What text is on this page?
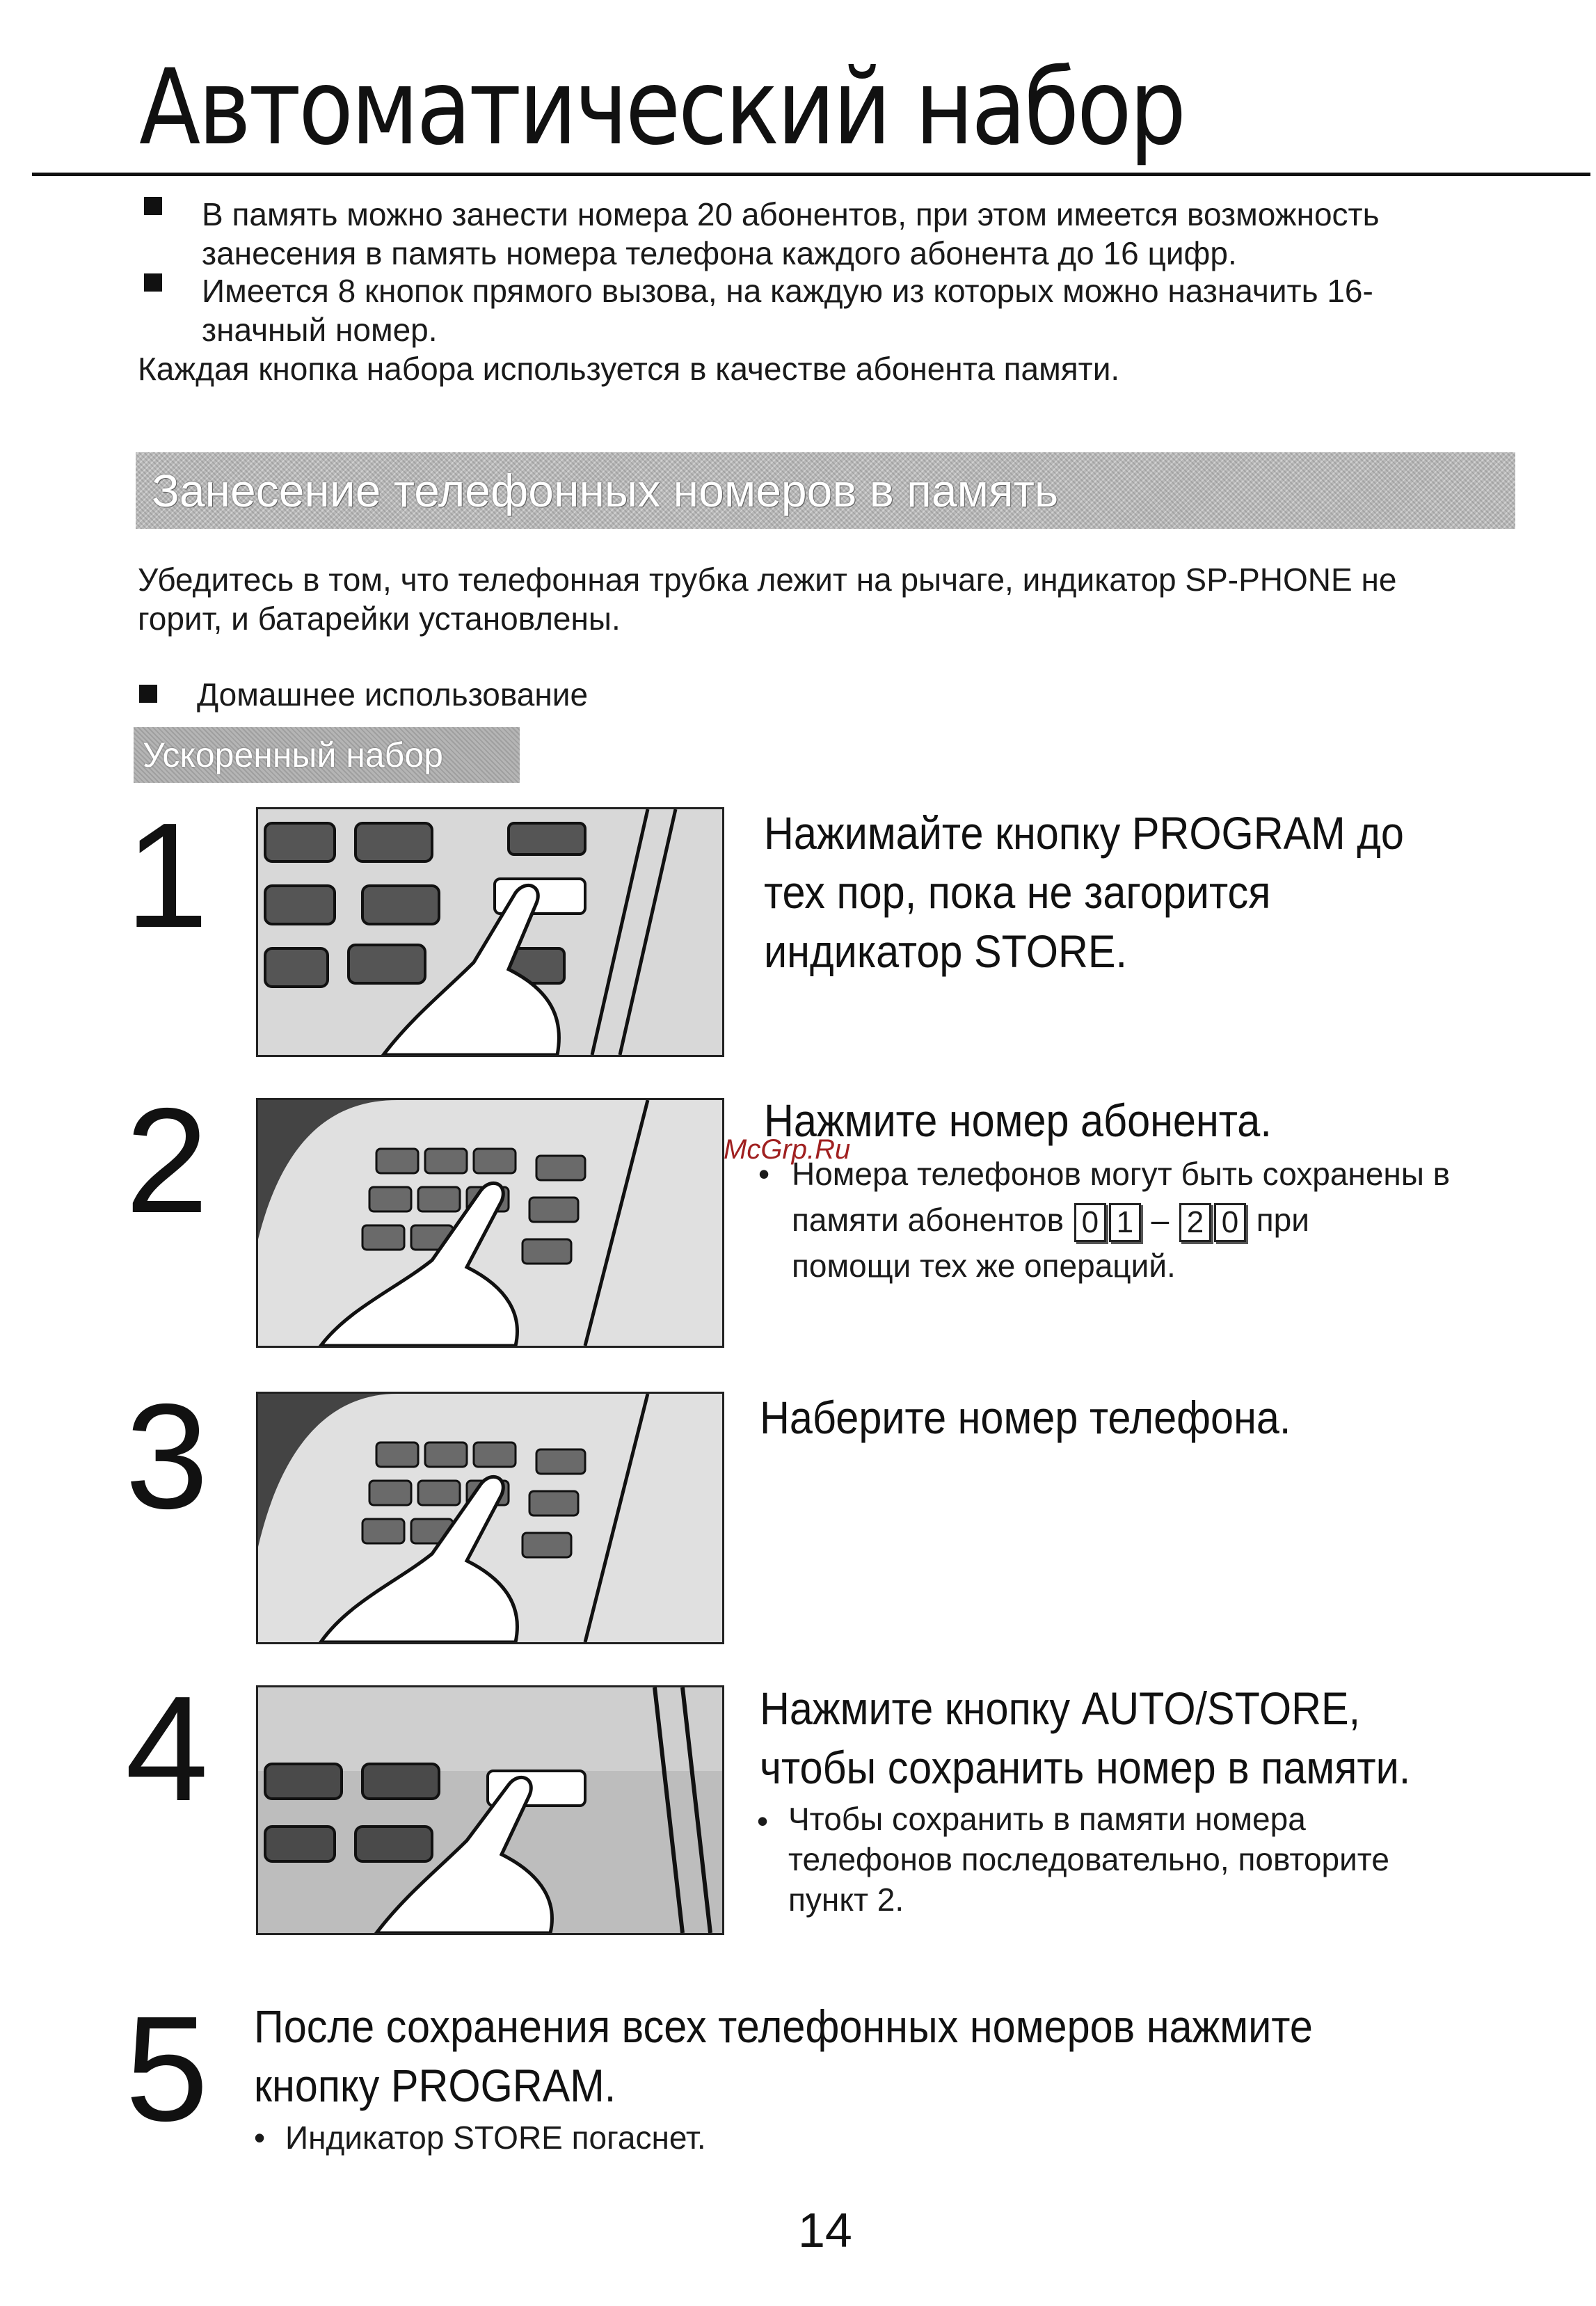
Автоматический набор
В память можно занести номера 20 абонентов, при этом имеется возможность
занесения в память номера телефона каждого абонента до 16 цифр.
Имеется 8 кнопок прямого вызова, на каждую из которых можно назначить 16-
значный номер.
Каждая кнопка набора используется в качестве абонента памяти.
Занесение телефонных номеров в память
Убедитесь в том, что телефонная трубка лежит на рычаге, индикатор SP-PHONE не
горит, и батарейки установлены.
Домашнее использование
Ускоренный набор
1	Нажимайте кнопку PROGRAM до
тех пор, пока не загорится
индикатор STORE.
2	Нажмите номер абонента.
McGrp.Ru
• Номера телефонов могут быть сохранены в
памяти абонентов 0 1 – 2 0 при
помощи тех же операций.
3	Наберите номер телефона.
4	Нажмите кнопку AUTO/STORE,
чтобы сохранить номер в памяти.
• Чтобы сохранить в памяти номера
телефонов последовательно, повторите
пункт 2.
5 После сохранения всех телефонных номеров нажмите
кнопку PROGRAM.
• Индикатор STORE погаснет.
14
